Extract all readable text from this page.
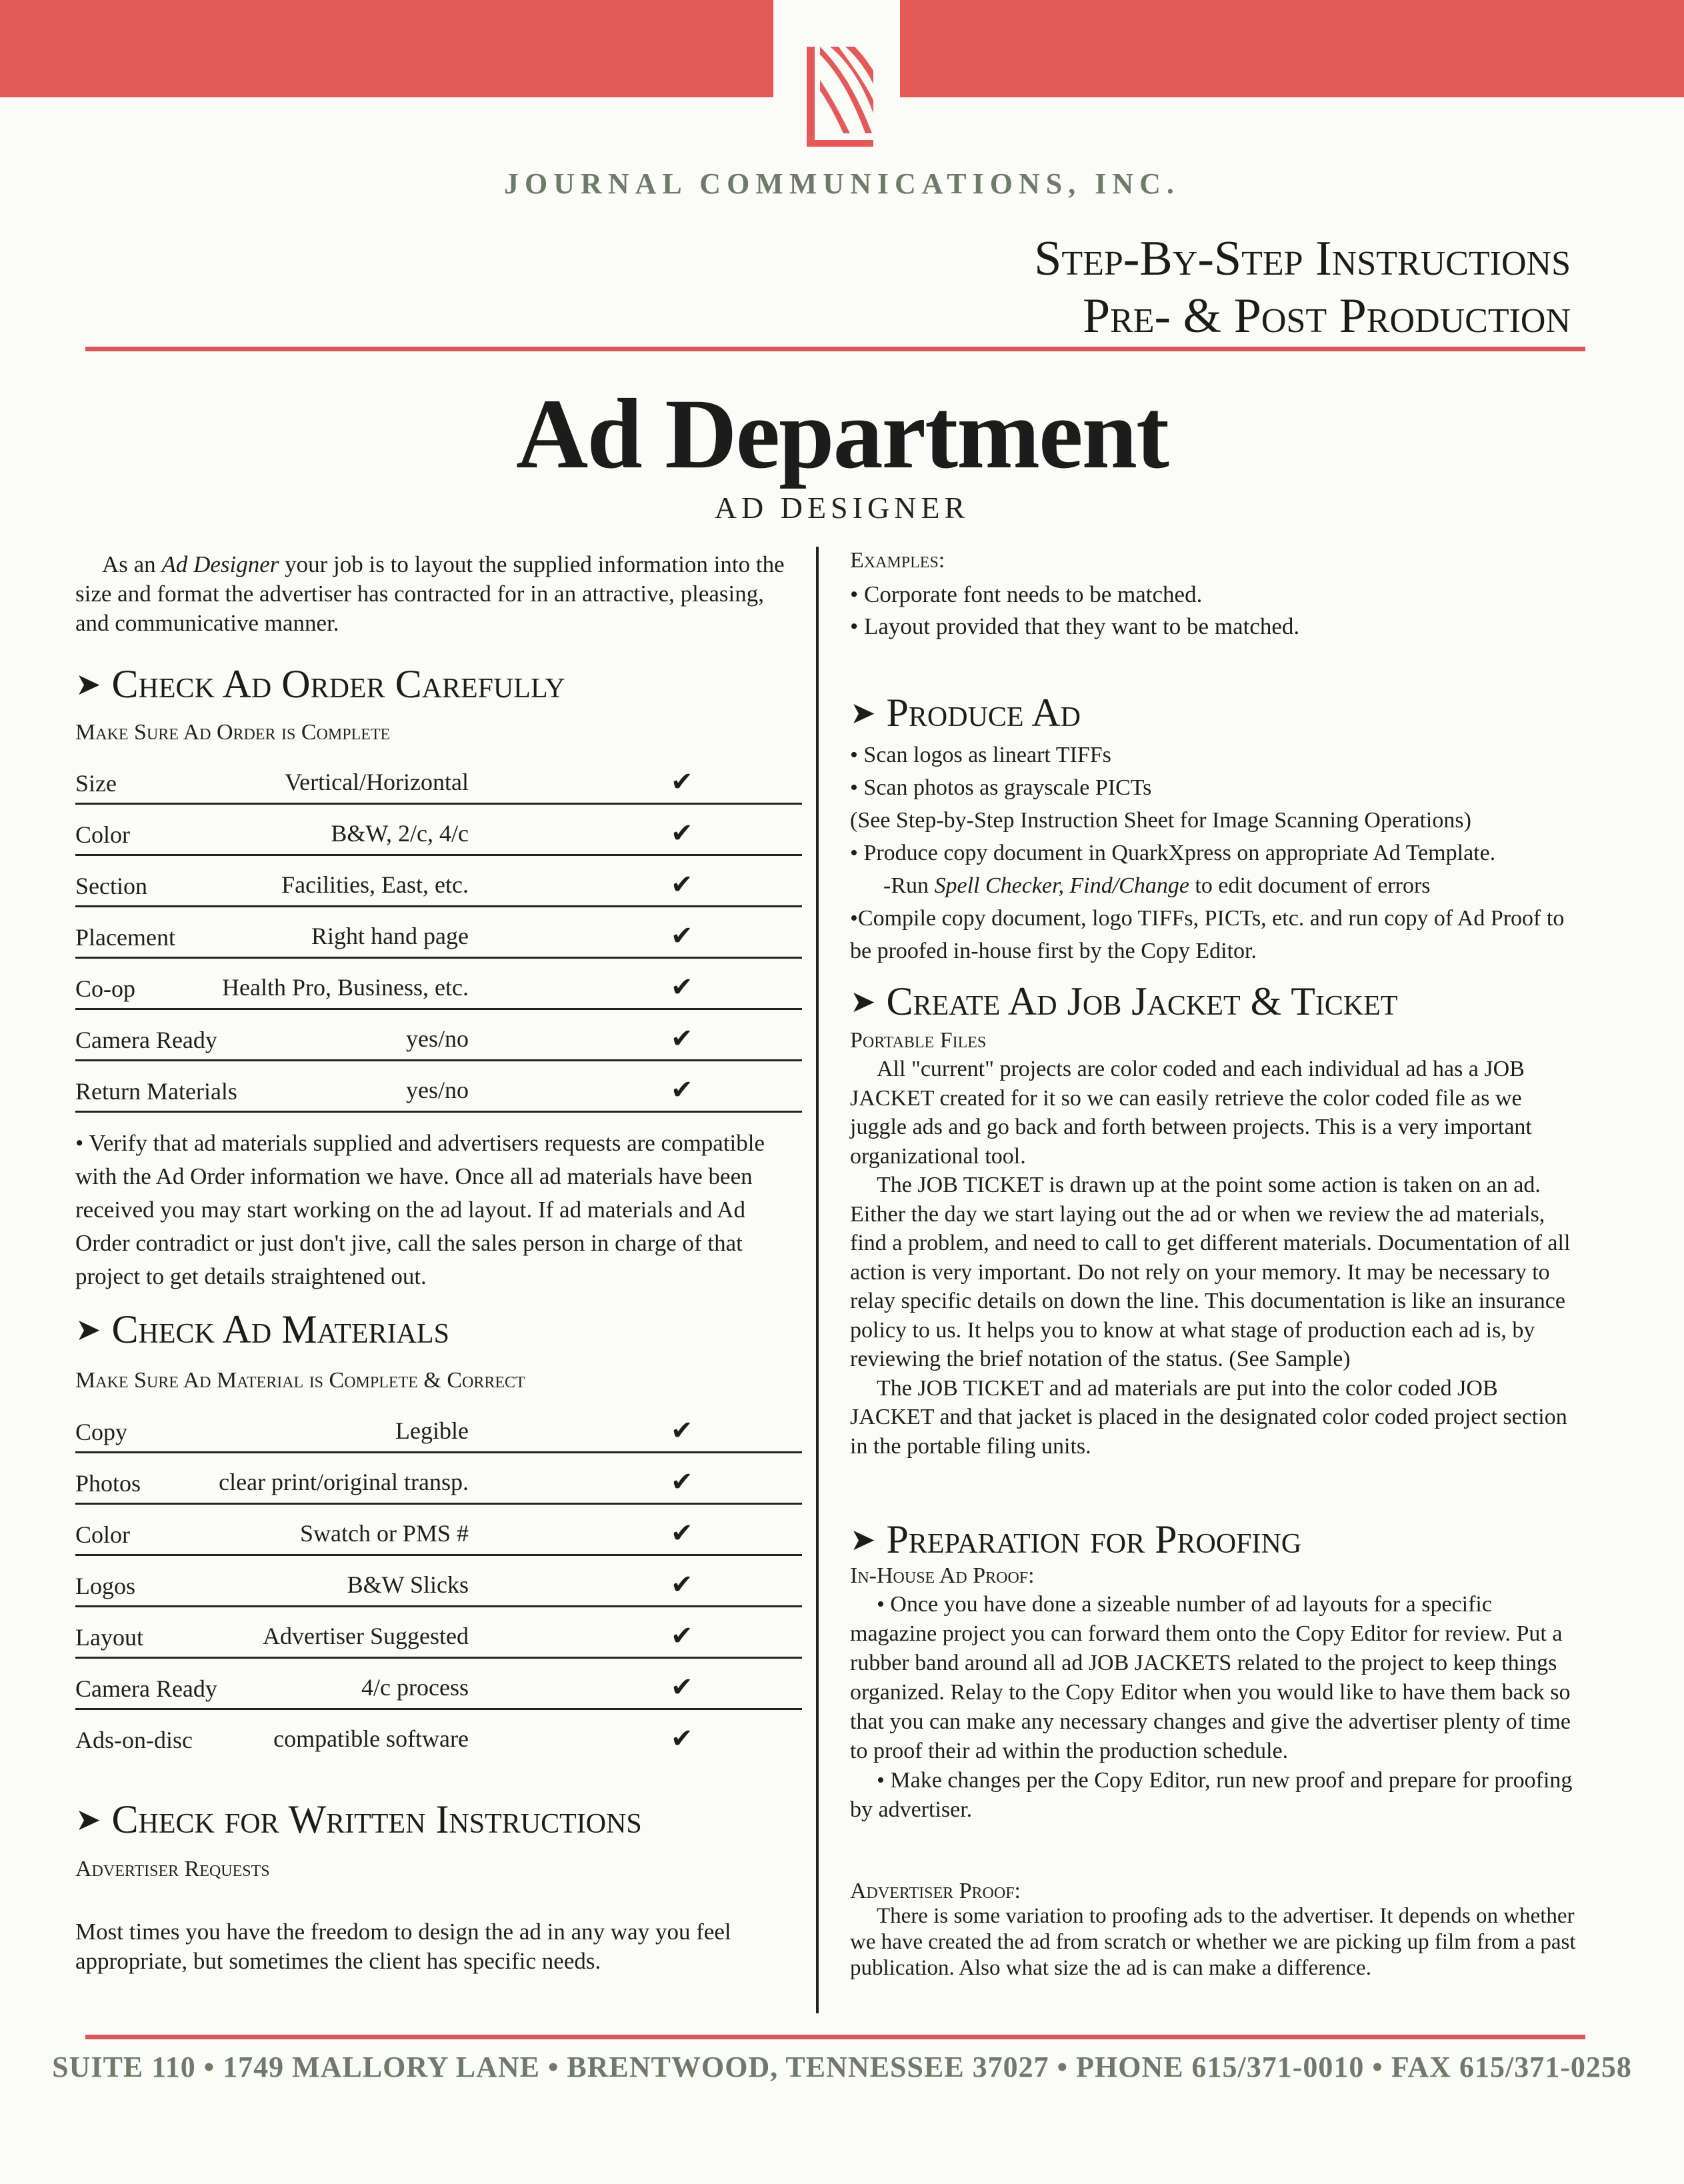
JOURNAL COMMUNICATIONS, INC.
Step-By-Step Instructions
Pre- & Post Production
Ad Department
AD DESIGNER

As an Ad Designer your job is to layout the supplied information into the size and format the advertiser has contracted for in an attractive, pleasing, and communicative manner.

➤ Check Ad Order Carefully
Make Sure Ad Order is Complete
Size	Vertical/Horizontal	✔
Color	B&W, 2/c, 4/c	✔
Section	Facilities, East, etc.	✔
Placement	Right hand page	✔
Co-op	Health Pro, Business, etc.	✔
Camera Ready	yes/no	✔
Return Materials	yes/no	✔

• Verify that ad materials supplied and advertisers requests are compatible with the Ad Order information we have. Once all ad materials have been received you may start working on the ad layout. If ad materials and Ad Order contradict or just don't jive, call the sales person in charge of that project to get details straightened out.

➤ Check Ad Materials
Make Sure Ad Material is Complete & Correct
Copy	Legible	✔
Photos	clear print/original transp.	✔
Color	Swatch or PMS #	✔
Logos	B&W Slicks	✔
Layout	Advertiser Suggested	✔
Camera Ready	4/c process	✔
Ads-on-disc	compatible software	✔
➤ Check for Written Instructions
Advertiser Requests

Most times you have the freedom to design the ad in any way you feel appropriate, but sometimes the client has specific needs.

Examples:

• Corporate font needs to be matched.

• Layout provided that they want to be matched.

➤ Produce Ad

• Scan logos as lineart TIFFs

• Scan photos as grayscale PICTs

(See Step-by-Step Instruction Sheet for Image Scanning Operations)

• Produce copy document in QuarkXpress on appropriate Ad Template.

-Run Spell Checker, Find/Change to edit document of errors

•Compile copy document, logo TIFFs, PICTs, etc. and run copy of Ad Proof to be proofed in-house first by the Copy Editor.

➤ Create Ad Job Jacket & Ticket
Portable Files

All "current" projects are color coded and each individual ad has a JOB JACKET created for it so we can easily retrieve the color coded file as we juggle ads and go back and forth between projects. This is a very important organizational tool.

The JOB TICKET is drawn up at the point some action is taken on an ad. Either the day we start laying out the ad or when we review the ad materials, find a problem, and need to call to get different materials. Documentation of all action is very important. Do not rely on your memory. It may be necessary to relay specific details on down the line. This documentation is like an insurance policy to us. It helps you to know at what stage of production each ad is, by reviewing the brief notation of the status. (See Sample)

The JOB TICKET and ad materials are put into the color coded JOB JACKET and that jacket is placed in the designated color coded project section in the portable filing units.

➤ Preparation for Proofing
In-House Ad Proof:

• Once you have done a sizeable number of ad layouts for a specific magazine project you can forward them onto the Copy Editor for review. Put a rubber band around all ad JOB JACKETS related to the project to keep things organized. Relay to the Copy Editor when you would like to have them back so that you can make any necessary changes and give the advertiser plenty of time to proof their ad within the production schedule.

• Make changes per the Copy Editor, run new proof and prepare for proofing by advertiser.

Advertiser Proof:

There is some variation to proofing ads to the advertiser. It depends on whether we have created the ad from scratch or whether we are picking up film from a past publication. Also what size the ad is can make a difference.

SUITE 110 • 1749 MALLORY LANE • BRENTWOOD, TENNESSEE 37027 • PHONE 615/371-0010 • FAX 615/371-0258
